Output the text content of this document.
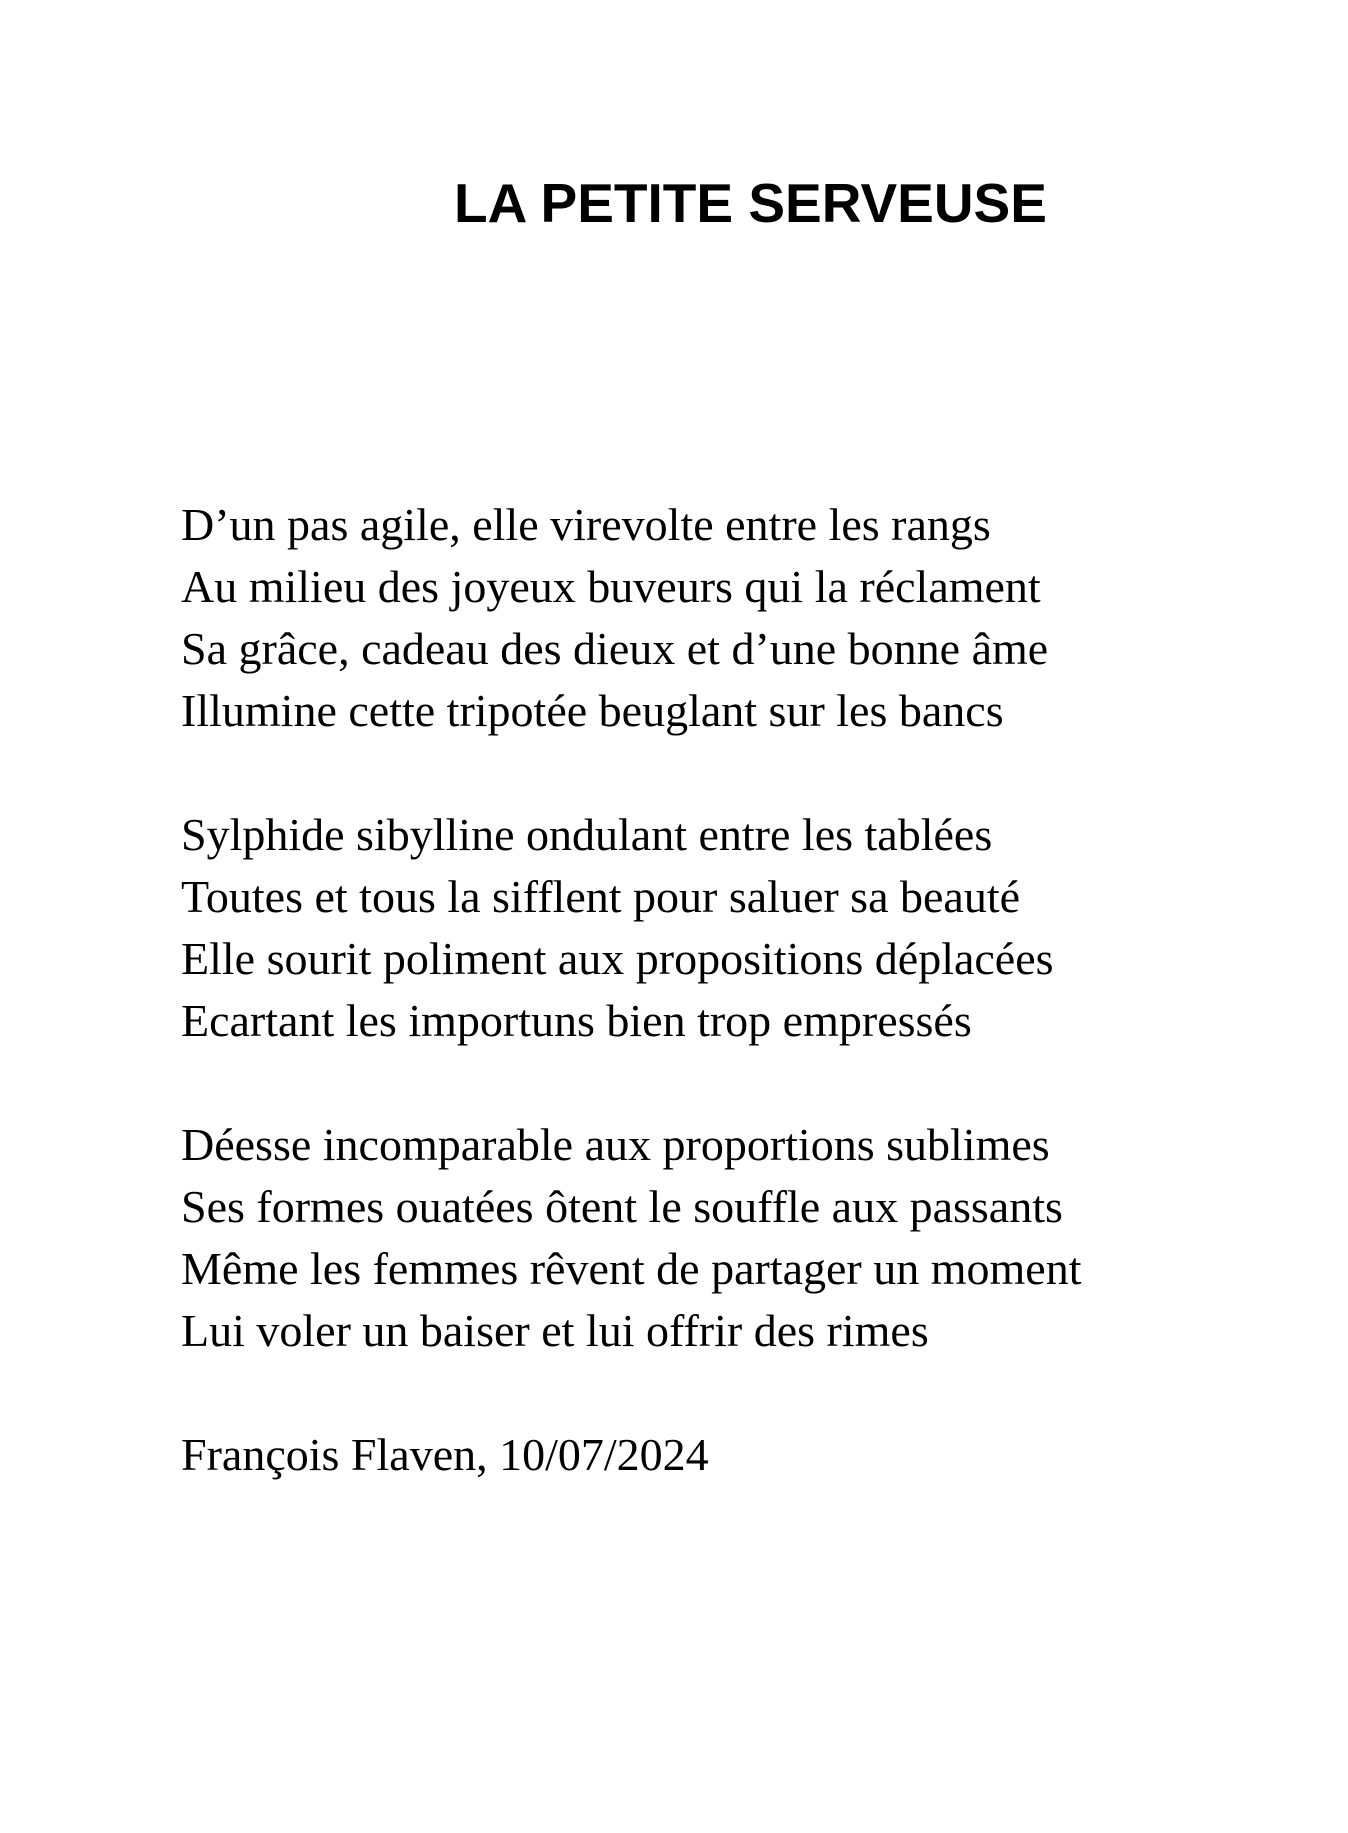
LA PETITE SERVEUSE

D’un pas agile, elle virevolte entre les rangs
Au milieu des joyeux buveurs qui la réclament
Sa grâce, cadeau des dieux et d’une bonne âme
Illumine cette tripotée beuglant sur les bancs

Sylphide sibylline ondulant entre les tablées
Toutes et tous la sifflent pour saluer sa beauté
Elle sourit poliment aux propositions déplacées
Ecartant les importuns bien trop empressés

Déesse incomparable aux proportions sublimes
Ses formes ouatées ôtent le souffle aux passants
Même les femmes rêvent de partager un moment
Lui voler un baiser et lui offrir des rimes

François Flaven, 10/07/2024
